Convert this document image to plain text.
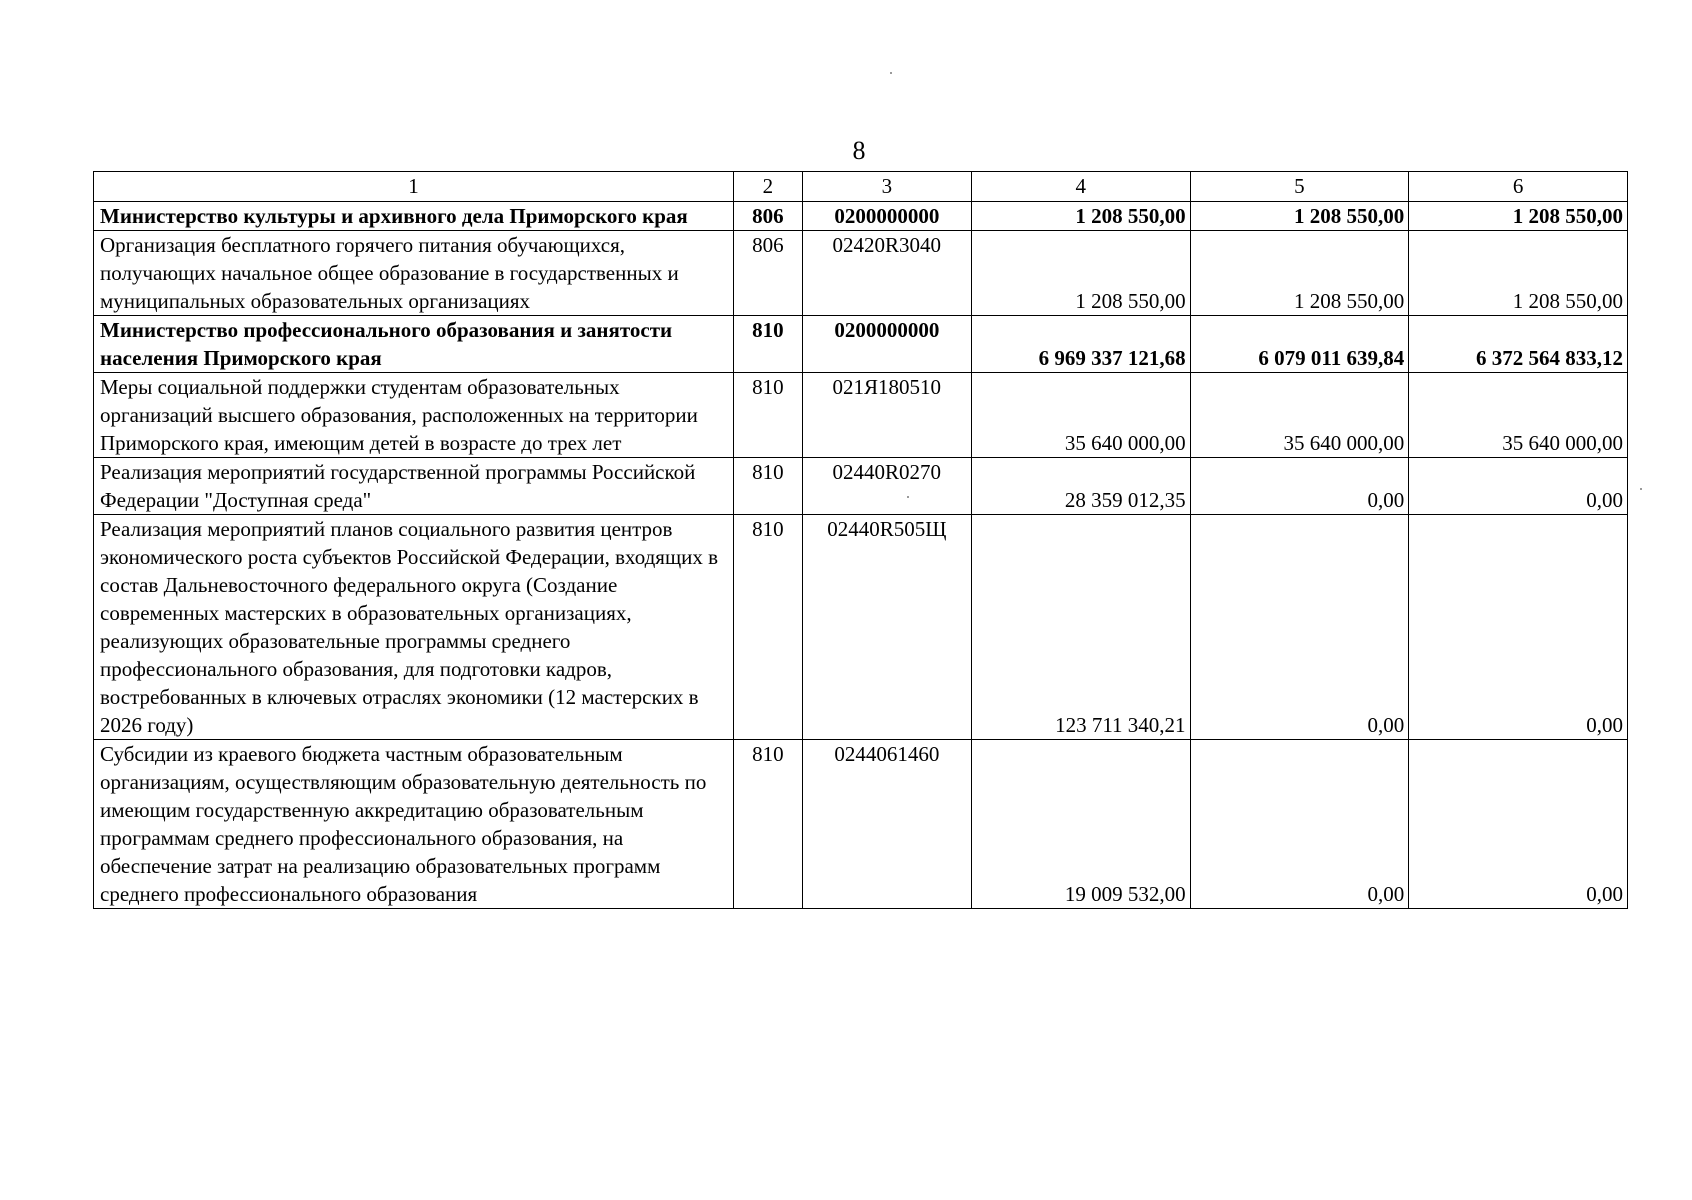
8
1	2	3	4	5	6
Министерство культуры и архивного дела Приморского края	806	0200000000	1 208 550,00	1 208 550,00	1 208 550,00
Организация бесплатного горячего питания обучающихся, получающих начальное общее образование в государственных и муниципальных образовательных организациях	806	02420R3040	1 208 550,00	1 208 550,00	1 208 550,00
Министерство профессионального образования и занятости населения Приморского края	810	0200000000	6 969 337 121,68	6 079 011 639,84	6 372 564 833,12
Меры социальной поддержки студентам образовательных организаций высшего образования, расположенных на территории Приморского края, имеющим детей в возрасте до трех лет	810	021Я180510	35 640 000,00	35 640 000,00	35 640 000,00
Реализация мероприятий государственной программы Российской Федерации "Доступная среда"	810	02440R0270	28 359 012,35	0,00	0,00
Реализация мероприятий планов социального развития центров экономического роста субъектов Российской Федерации, входящих в состав Дальневосточного федерального округа (Создание современных мастерских в образовательных организациях, реализующих образовательные программы среднего профессионального образования, для подготовки кадров, востребованных в ключевых отраслях экономики (12 мастерских в 2026 году)	810	02440R505Щ	123 711 340,21	0,00	0,00
Субсидии из краевого бюджета частным образовательным организациям, осуществляющим образовательную деятельность по имеющим государственную аккредитацию образовательным программам среднего профессионального образования, на обеспечение затрат на реализацию образовательных программ среднего профессионального образования	810	0244061460	19 009 532,00	0,00	0,00
